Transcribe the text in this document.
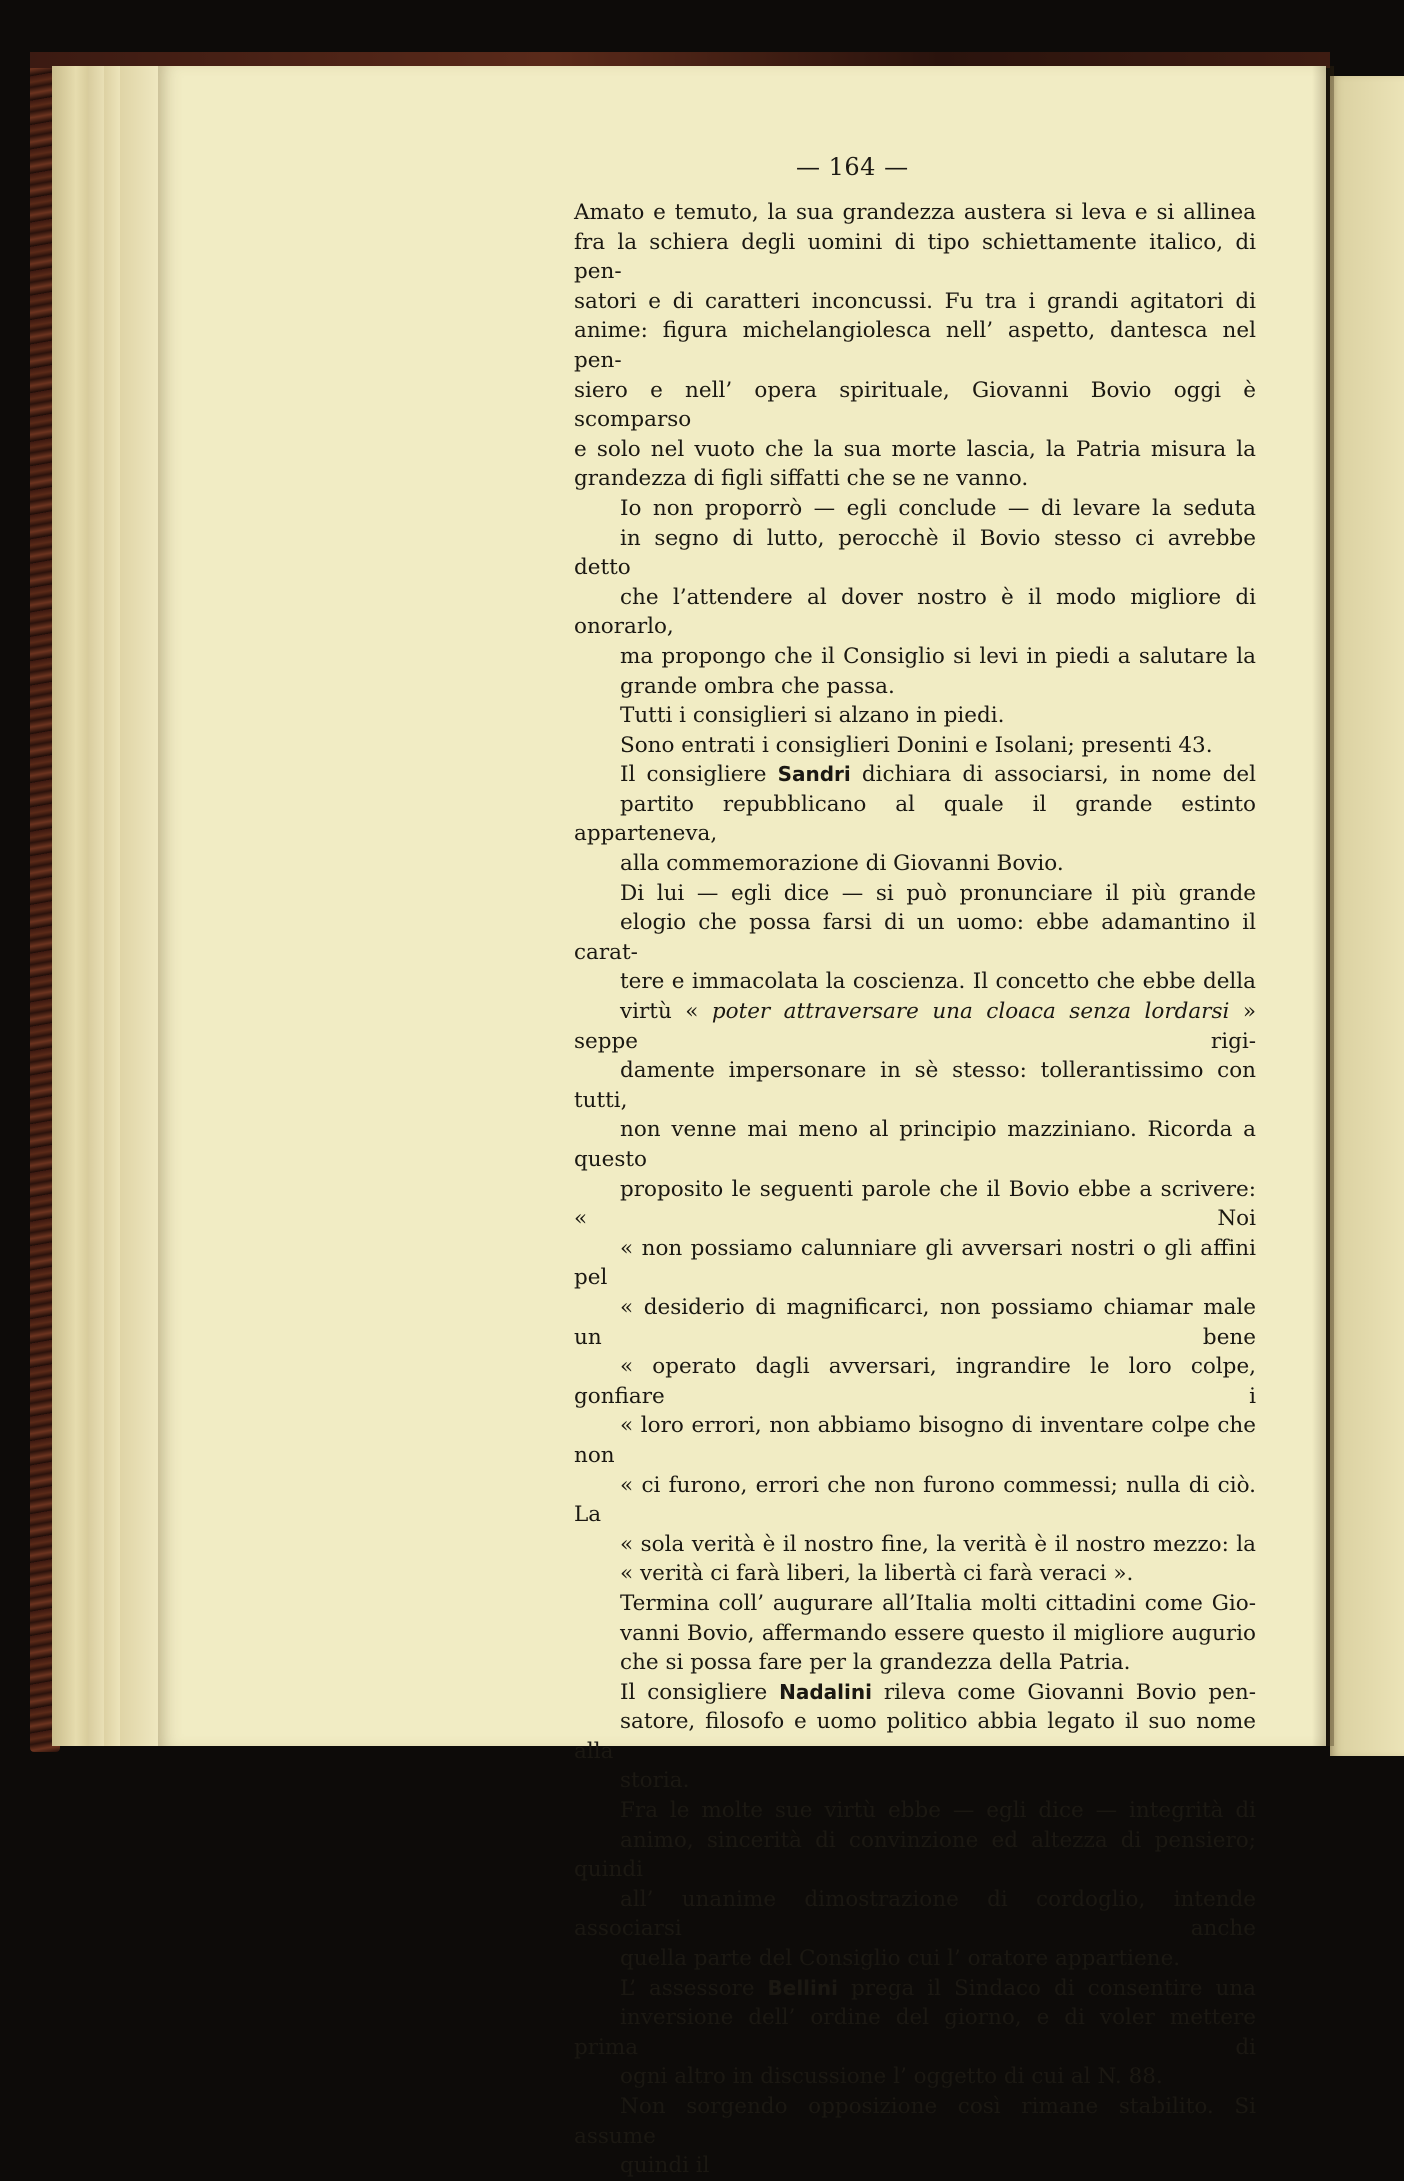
— 164 —

Amato e temuto, la sua grandezza austera si leva e si allinea
fra la schiera degli uomini di tipo schiettamente italico, di pen-
satori e di caratteri inconcussi. Fu tra i grandi agitatori di
anime: figura michelangiolesca nell’ aspetto, dantesca nel pen-
siero e nell’ opera spirituale, Giovanni Bovio oggi è scomparso
e solo nel vuoto che la sua morte lascia, la Patria misura la
grandezza di figli siffatti che se ne vanno.

Io non proporrò — egli conclude — di levare la seduta
in segno di lutto, perocchè il Bovio stesso ci avrebbe detto
che l’attendere al dover nostro è il modo migliore di onorarlo,
ma propongo che il Consiglio si levi in piedi a salutare la
grande ombra che passa.

Tutti i consiglieri si alzano in piedi.

Sono entrati i consiglieri Donini e Isolani; presenti 43.

Il consigliere Sandri dichiara di associarsi, in nome del
partito repubblicano al quale il grande estinto apparteneva,
alla commemorazione di Giovanni Bovio.

Di lui — egli dice — si può pronunciare il più grande
elogio che possa farsi di un uomo: ebbe adamantino il carat-
tere e immacolata la coscienza. Il concetto che ebbe della
virtù « poter attraversare una cloaca senza lordarsi » seppe rigi-
damente impersonare in sè stesso: tollerantissimo con tutti,
non venne mai meno al principio mazziniano. Ricorda a questo
proposito le seguenti parole che il Bovio ebbe a scrivere: « Noi
« non possiamo calunniare gli avversari nostri o gli affini pel
« desiderio di magnificarci, non possiamo chiamar male un bene
« operato dagli avversari, ingrandire le loro colpe, gonfiare i
« loro errori, non abbiamo bisogno di inventare colpe che non
« ci furono, errori che non furono commessi; nulla di ciò. La
« sola verità è il nostro fine, la verità è il nostro mezzo: la
« verità ci farà liberi, la libertà ci farà veraci ».

Termina coll’ augurare all’Italia molti cittadini come Gio-
vanni Bovio, affermando essere questo il migliore augurio
che si possa fare per la grandezza della Patria.

Il consigliere Nadalini rileva come Giovanni Bovio pen-
satore, filosofo e uomo politico abbia legato il suo nome alla
storia.

Fra le molte sue virtù ebbe — egli dice — integrità di
animo, sincerità di convinzione ed altezza di pensiero; quindi
all’ unanime dimostrazione di cordoglio, intende associarsi anche
quella parte del Consiglio cui l’ oratore appartiene.

L’ assessore Bellini prega il Sindaco di consentire una
inversione dell’ ordine del giorno, e di voler mettere prima di
ogni altro in discussione l’ oggetto di cui al N. 88.

Non sorgendo opposizione così rimane stabilito. Si assume
quindi il
